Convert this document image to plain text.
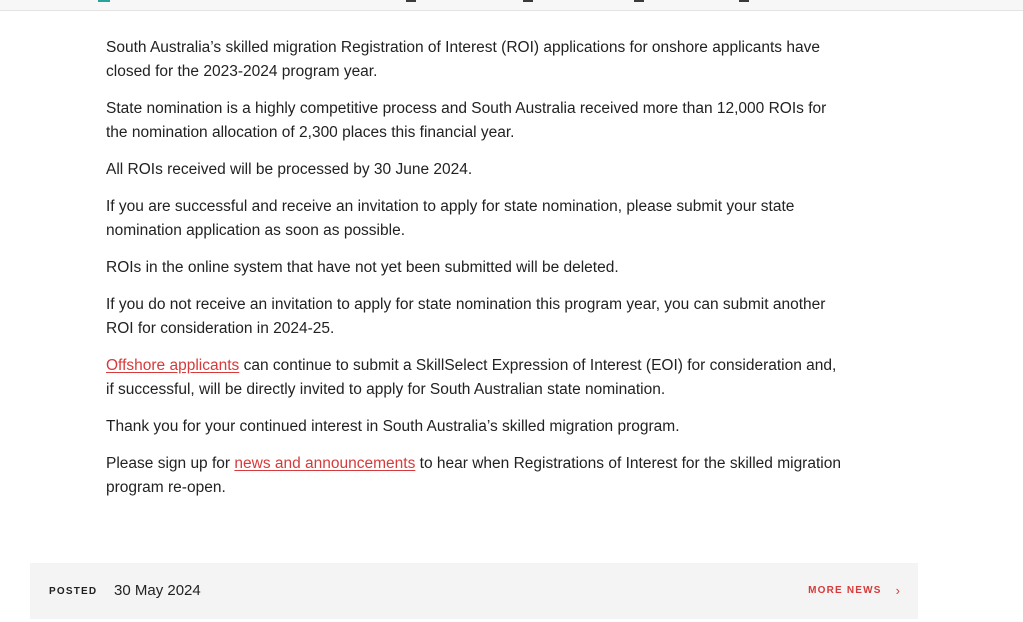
South Australia’s skilled migration Registration of Interest (ROI) applications for onshore applicants have closed for the 2023-2024 program year.

State nomination is a highly competitive process and South Australia received more than 12,000 ROIs for the nomination allocation of 2,300 places this financial year.

All ROIs received will be processed by 30 June 2024.

If you are successful and receive an invitation to apply for state nomination, please submit your state nomination application as soon as possible.

ROIs in the online system that have not yet been submitted will be deleted.

If you do not receive an invitation to apply for state nomination this program year, you can submit another ROI for consideration in 2024-25.

Offshore applicants can continue to submit a SkillSelect Expression of Interest (EOI) for consideration and, if successful, will be directly invited to apply for South Australian state nomination.

Thank you for your continued interest in South Australia’s skilled migration program.

Please sign up for news and announcements to hear when Registrations of Interest for the skilled migration program re-open.

POSTED 30 May 2024	MORE NEWS ›
